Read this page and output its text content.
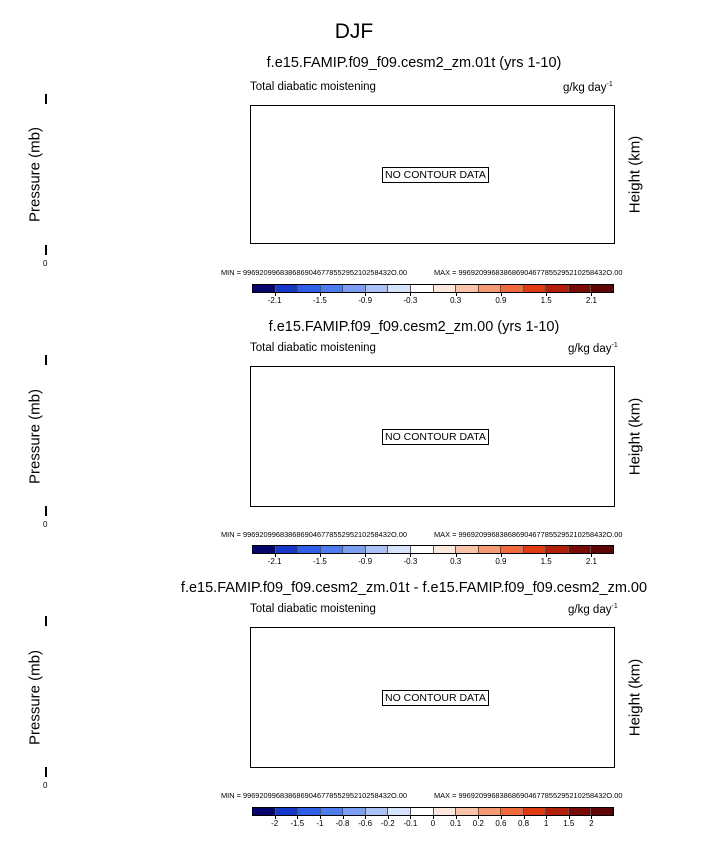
DJF
f.e15.FAMIP.f09_f09.cesm2_zm.01t (yrs 1-10)
Total diabatic moistening	g/kg day$^{-1}$
NO CONTOUR DATA
0
Pressure (mb)	Height (km)
MIN = 996920996838686904677855295210258432O.00	MAX = 996920996838686904677855295210258432O.00
-2.1	-1.5	-0.9	-0.3	0.3	0.9	1.5	2.1
f.e15.FAMIP.f09_f09.cesm2_zm.00 (yrs 1-10)
Total diabatic moistening	g/kg day$^{-1}$
NO CONTOUR DATA
0
Pressure (mb)	Height (km)
MIN = 996920996838686904677855295210258432O.00	MAX = 996920996838686904677855295210258432O.00
-2.1	-1.5	-0.9	-0.3	0.3	0.9	1.5	2.1
f.e15.FAMIP.f09_f09.cesm2_zm.01t - f.e15.FAMIP.f09_f09.cesm2_zm.00
Total diabatic moistening	g/kg day$^{-1}$
NO CONTOUR DATA
0
Pressure (mb)	Height (km)
MIN = 996920996838686904677855295210258432O.00	MAX = 996920996838686904677855295210258432O.00
-2 -1.5 -1 -0.8 -0.6 -0.2 -0.1 0 0.1 0.2 0.6 0.8 1 1.5 2
